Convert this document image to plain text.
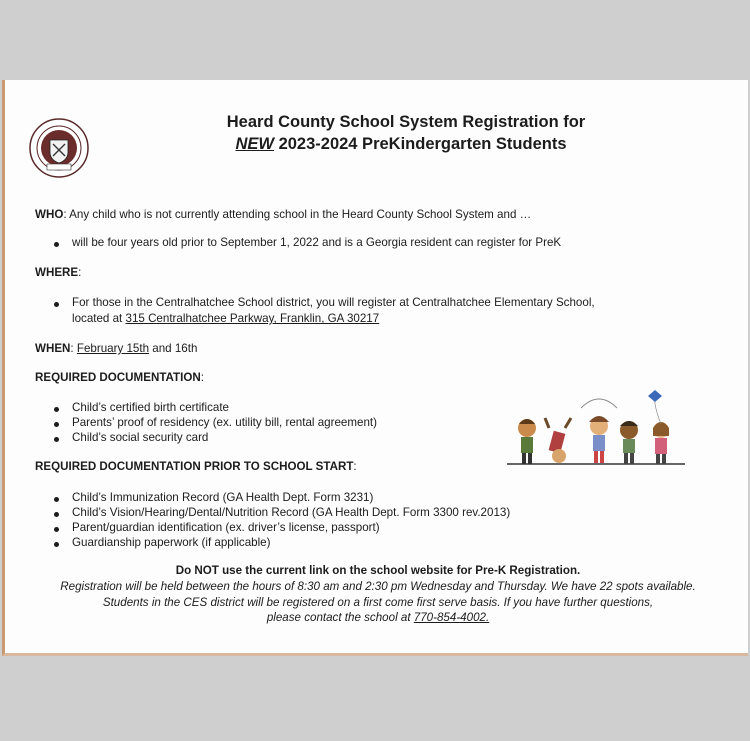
Heard County School System Registration for
NEW 2023-2024 PreKindergarten Students
WHO: Any child who is not currently attending school in the Heard County School System and …
will be four years old prior to September 1, 2022 and is a Georgia resident can register for PreK
WHERE:
For those in the Centralhatchee School district, you will register at Centralhatchee Elementary School,
located at 315 Centralhatchee Parkway, Franklin, GA 30217
WHEN: February 15th and 16th
REQUIRED DOCUMENTATION:
Child’s certified birth certificate
Parents’ proof of residency (ex. utility bill, rental agreement)
Child’s social security card
REQUIRED DOCUMENTATION PRIOR TO SCHOOL START:
Child’s Immunization Record (GA Health Dept. Form 3231)
Child’s Vision/Hearing/Dental/Nutrition Record (GA Health Dept. Form 3300 rev.2013)
Parent/guardian identification (ex. driver’s license, passport)
Guardianship paperwork (if applicable)
Do NOT use the current link on the school website for Pre-K Registration.
Registration will be held between the hours of 8:30 am and 2:30 pm Wednesday and Thursday. We have 22 spots available.
Students in the CES district will be registered on a first come first serve basis. If you have further questions,
please contact the school at 770-854-4002.
